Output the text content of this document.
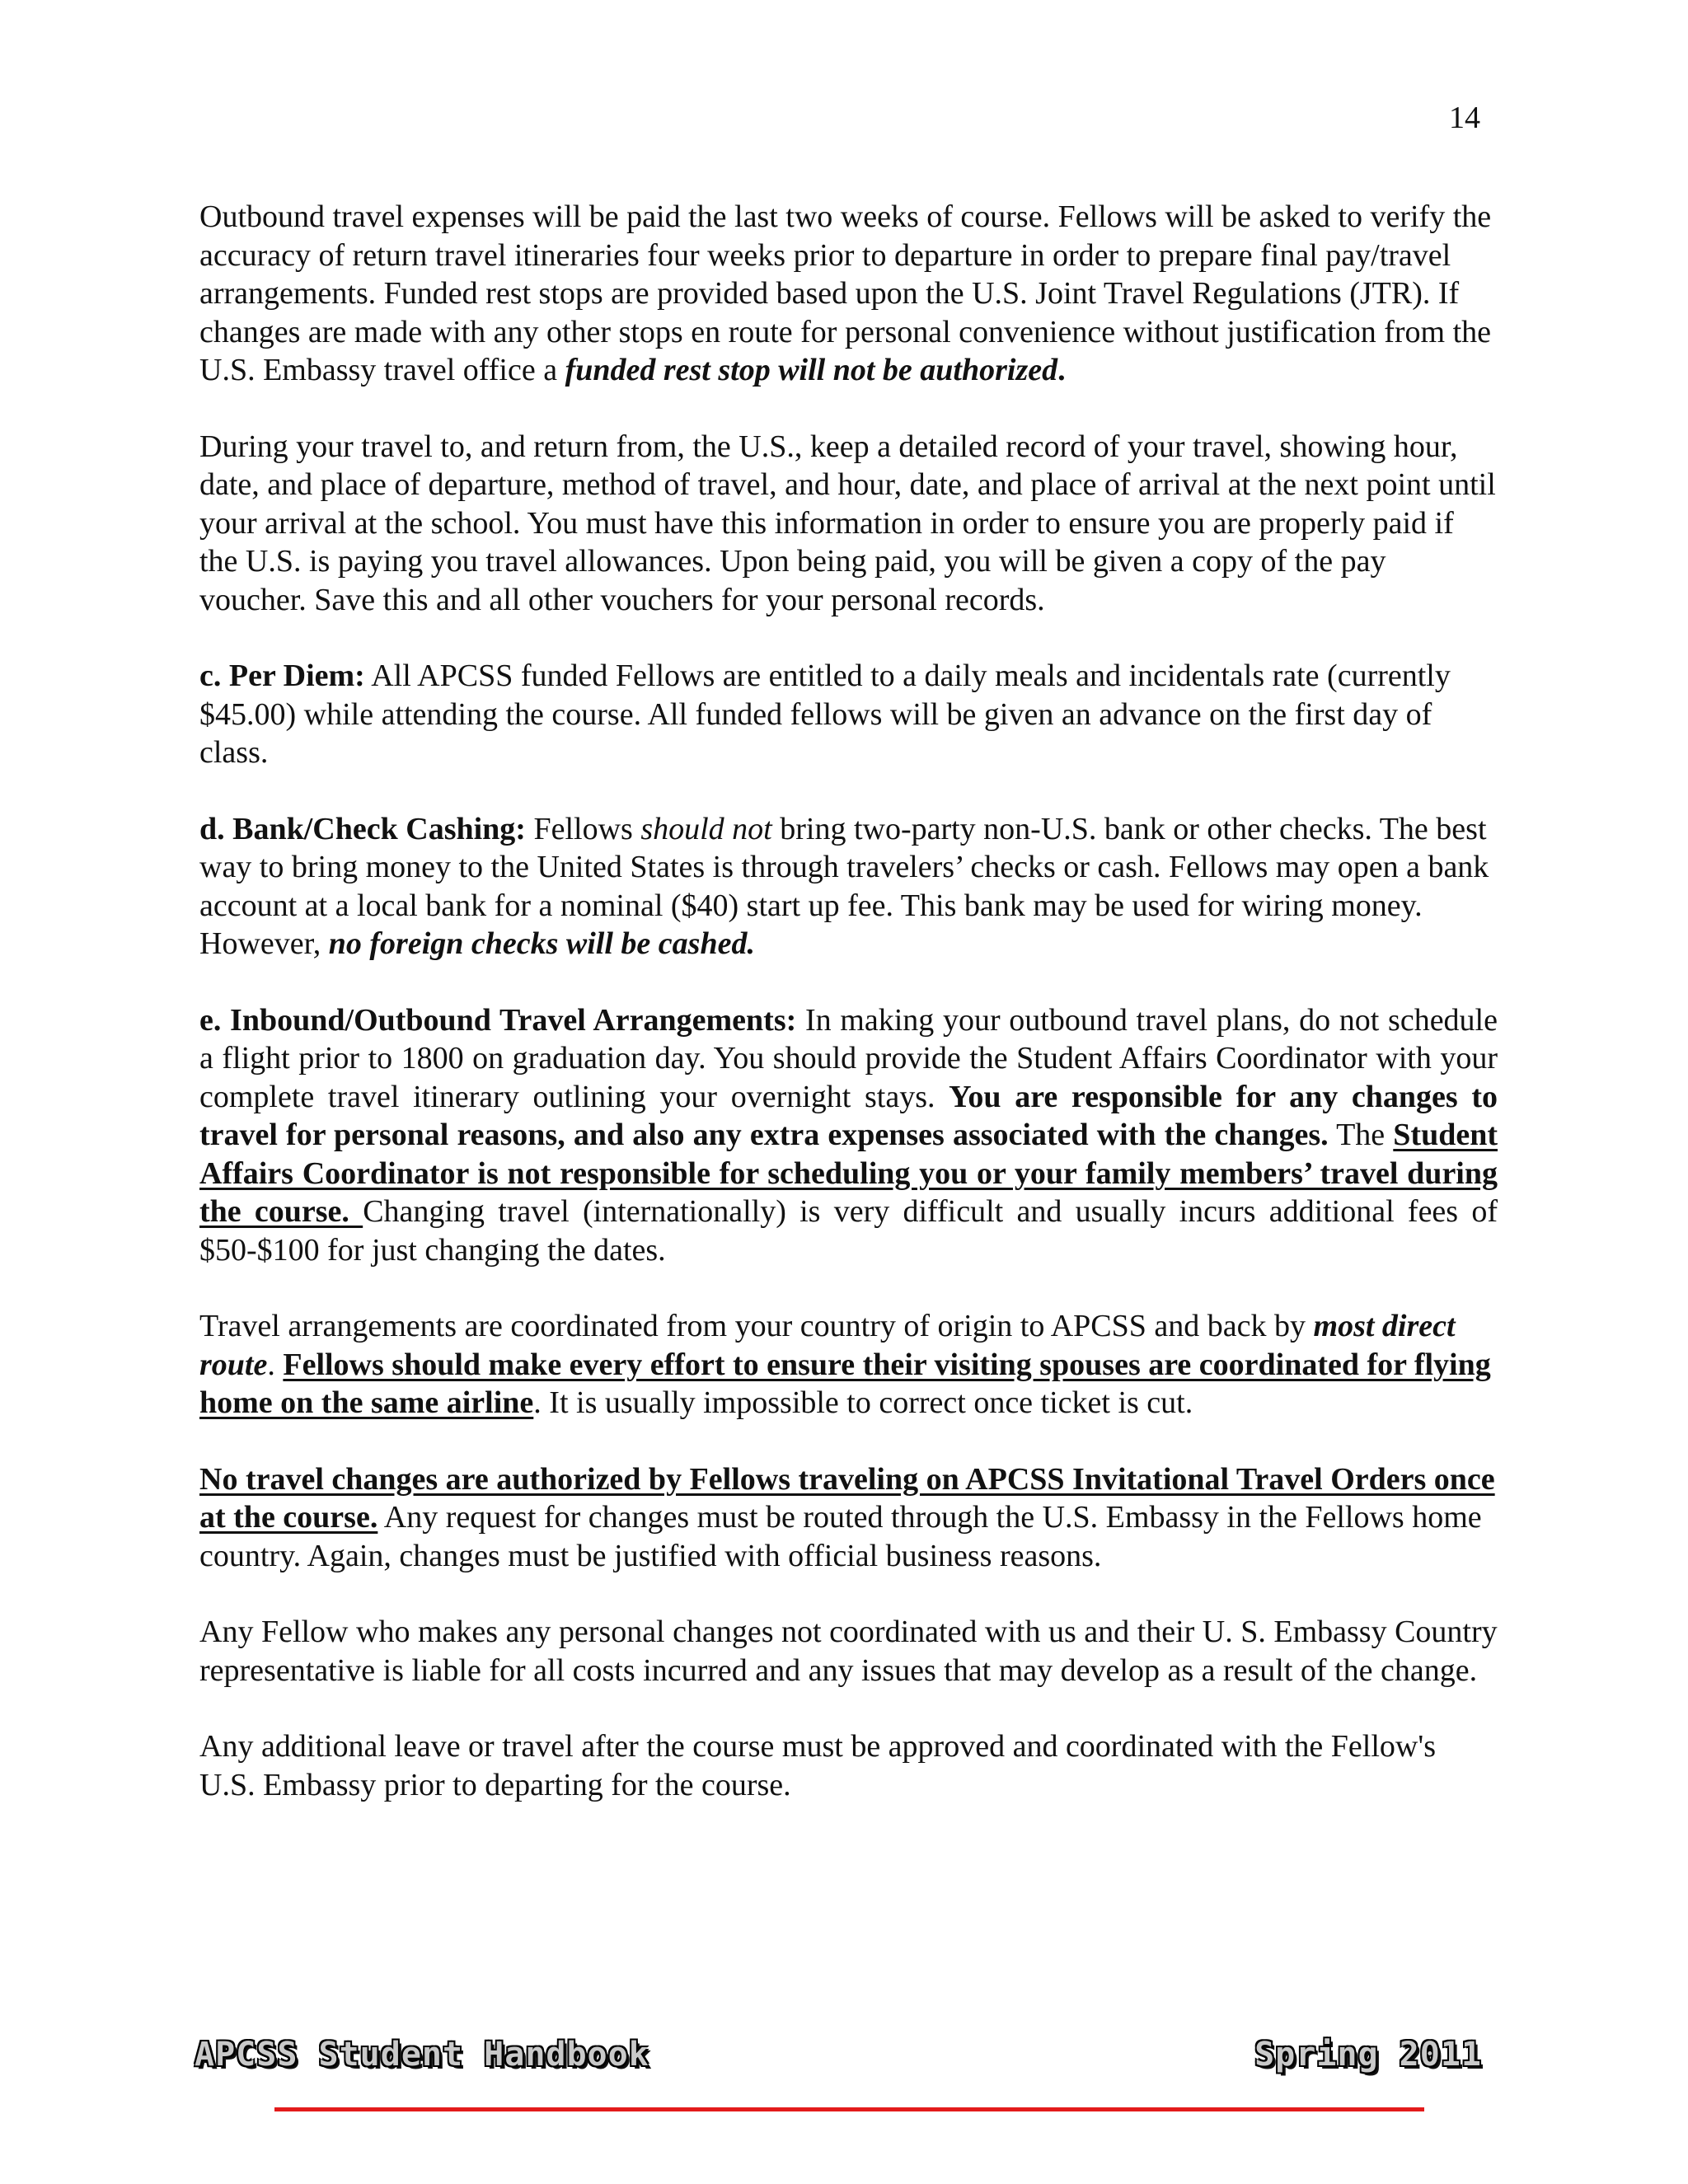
14

Outbound travel expenses will be paid the last two weeks of course. Fellows will be asked to verify the accuracy of return travel itineraries four weeks prior to departure in order to prepare final pay/travel arrangements. Funded rest stops are provided based upon the U.S. Joint Travel Regulations (JTR). If changes are made with any other stops en route for personal convenience without justification from the U.S. Embassy travel office a funded rest stop will not be authorized.

During your travel to, and return from, the U.S., keep a detailed record of your travel, showing hour, date, and place of departure, method of travel, and hour, date, and place of arrival at the next point until your arrival at the school. You must have this information in order to ensure you are properly paid if the U.S. is paying you travel allowances. Upon being paid, you will be given a copy of the pay voucher. Save this and all other vouchers for your personal records.

c. Per Diem: All APCSS funded Fellows are entitled to a daily meals and incidentals rate (currently $45.00) while attending the course. All funded fellows will be given an advance on the first day of class.

d. Bank/Check Cashing: Fellows should not bring two-party non-U.S. bank or other checks. The best way to bring money to the United States is through travelers’ checks or cash. Fellows may open a bank account at a local bank for a nominal ($40) start up fee. This bank may be used for wiring money. However, no foreign checks will be cashed.

e. Inbound/Outbound Travel Arrangements: In making your outbound travel plans, do not schedule a flight prior to 1800 on graduation day. You should provide the Student Affairs Coordinator with your complete travel itinerary outlining your overnight stays. You are responsible for any changes to travel for personal reasons, and also any extra expenses associated with the changes. The Student Affairs Coordinator is not responsible for scheduling you or your family members’ travel during the course. Changing travel (internationally) is very difficult and usually incurs additional fees of $50-$100 for just changing the dates.

Travel arrangements are coordinated from your country of origin to APCSS and back by most direct route. Fellows should make every effort to ensure their visiting spouses are coordinated for flying home on the same airline. It is usually impossible to correct once ticket is cut.

No travel changes are authorized by Fellows traveling on APCSS Invitational Travel Orders once at the course. Any request for changes must be routed through the U.S. Embassy in the Fellows home country. Again, changes must be justified with official business reasons.

Any Fellow who makes any personal changes not coordinated with us and their U. S. Embassy Country representative is liable for all costs incurred and any issues that may develop as a result of the change.

Any additional leave or travel after the course must be approved and coordinated with the Fellow's U.S. Embassy prior to departing for the course.

APCSS Student Handbook	Spring 2011
